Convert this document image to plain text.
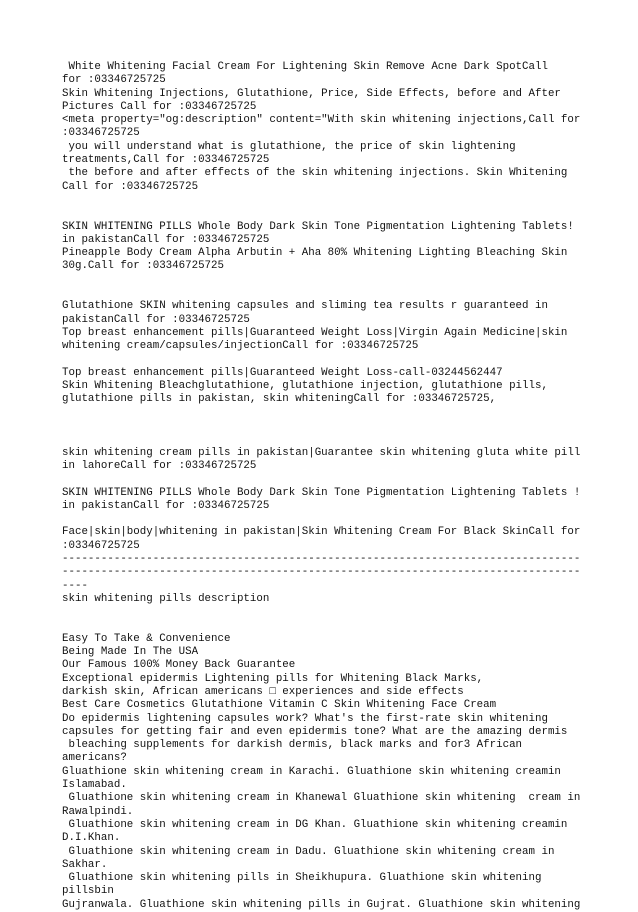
White Whitening Facial Cream For Lightening Skin Remove Acne Dark SpotCall
for :03346725725
Skin Whitening Injections, Glutathione, Price, Side Effects, before and After
Pictures Call for :03346725725
<meta property="og:description" content="With skin whitening injections,Call for
:03346725725
you will understand what is glutathione, the price of skin lightening
treatments,Call for :03346725725
the before and after effects of the skin whitening injections. Skin Whitening
Call for :03346725725
SKIN WHITENING PILLS Whole Body Dark Skin Tone Pigmentation Lightening Tablets!
in pakistanCall for :03346725725
Pineapple Body Cream Alpha Arbutin + Aha 80% Whitening Lighting Bleaching Skin
30g.Call for :03346725725
Glutathione SKIN whitening capsules and sliming tea results r guaranteed in
pakistanCall for :03346725725
Top breast enhancement pills|Guaranteed Weight Loss|Virgin Again Medicine|skin
whitening cream/capsules/injectionCall for :03346725725
Top breast enhancement pills|Guaranteed Weight Loss-call-03244562447
Skin Whitening Bleachglutathione, glutathione injection, glutathione pills,
glutathione pills in pakistan, skin whiteningCall for :03346725725,
skin whitening cream pills in pakistan|Guarantee skin whitening gluta white pill
in lahoreCall for :03346725725
SKIN WHITENING PILLS Whole Body Dark Skin Tone Pigmentation Lightening Tablets !
in pakistanCall for :03346725725
Face|skin|body|whitening in pakistan|Skin Whitening Cream For Black SkinCall for
:03346725725
--------------------------------------------------------------------------------
--------------------------------------------------------------------------------
----
skin whitening pills description
Easy To Take & Convenience
Being Made In The USA
Our Famous 100% Money Back Guarantee
Exceptional epidermis Lightening pills for Whitening Black Marks,
darkish skin, African americans □ experiences and side effects
Best Care Cosmetics Glutathione Vitamin C Skin Whitening Face Cream
Do epidermis lightening capsules work? What's the first-rate skin whitening
capsules for getting fair and even epidermis tone? What are the amazing dermis
bleaching supplements for darkish dermis, black marks and for3 African
americans?
Gluathione skin whitening cream in Karachi. Gluathione skin whitening creamin
Islamabad.
Gluathione skin whitening cream in Khanewal Gluathione skin whitening  cream in
Rawalpindi.
Gluathione skin whitening cream in DG Khan. Gluathione skin whitening creamin
D.I.Khan.
Gluathione skin whitening cream in Dadu. Gluathione skin whitening cream in
Sakhar.
Gluathione skin whitening pills in Sheikhupura. Gluathione skin whitening
pillsbin
Gujranwala. Gluathione skin whitening pills in Gujrat. Gluathione skin whitening
